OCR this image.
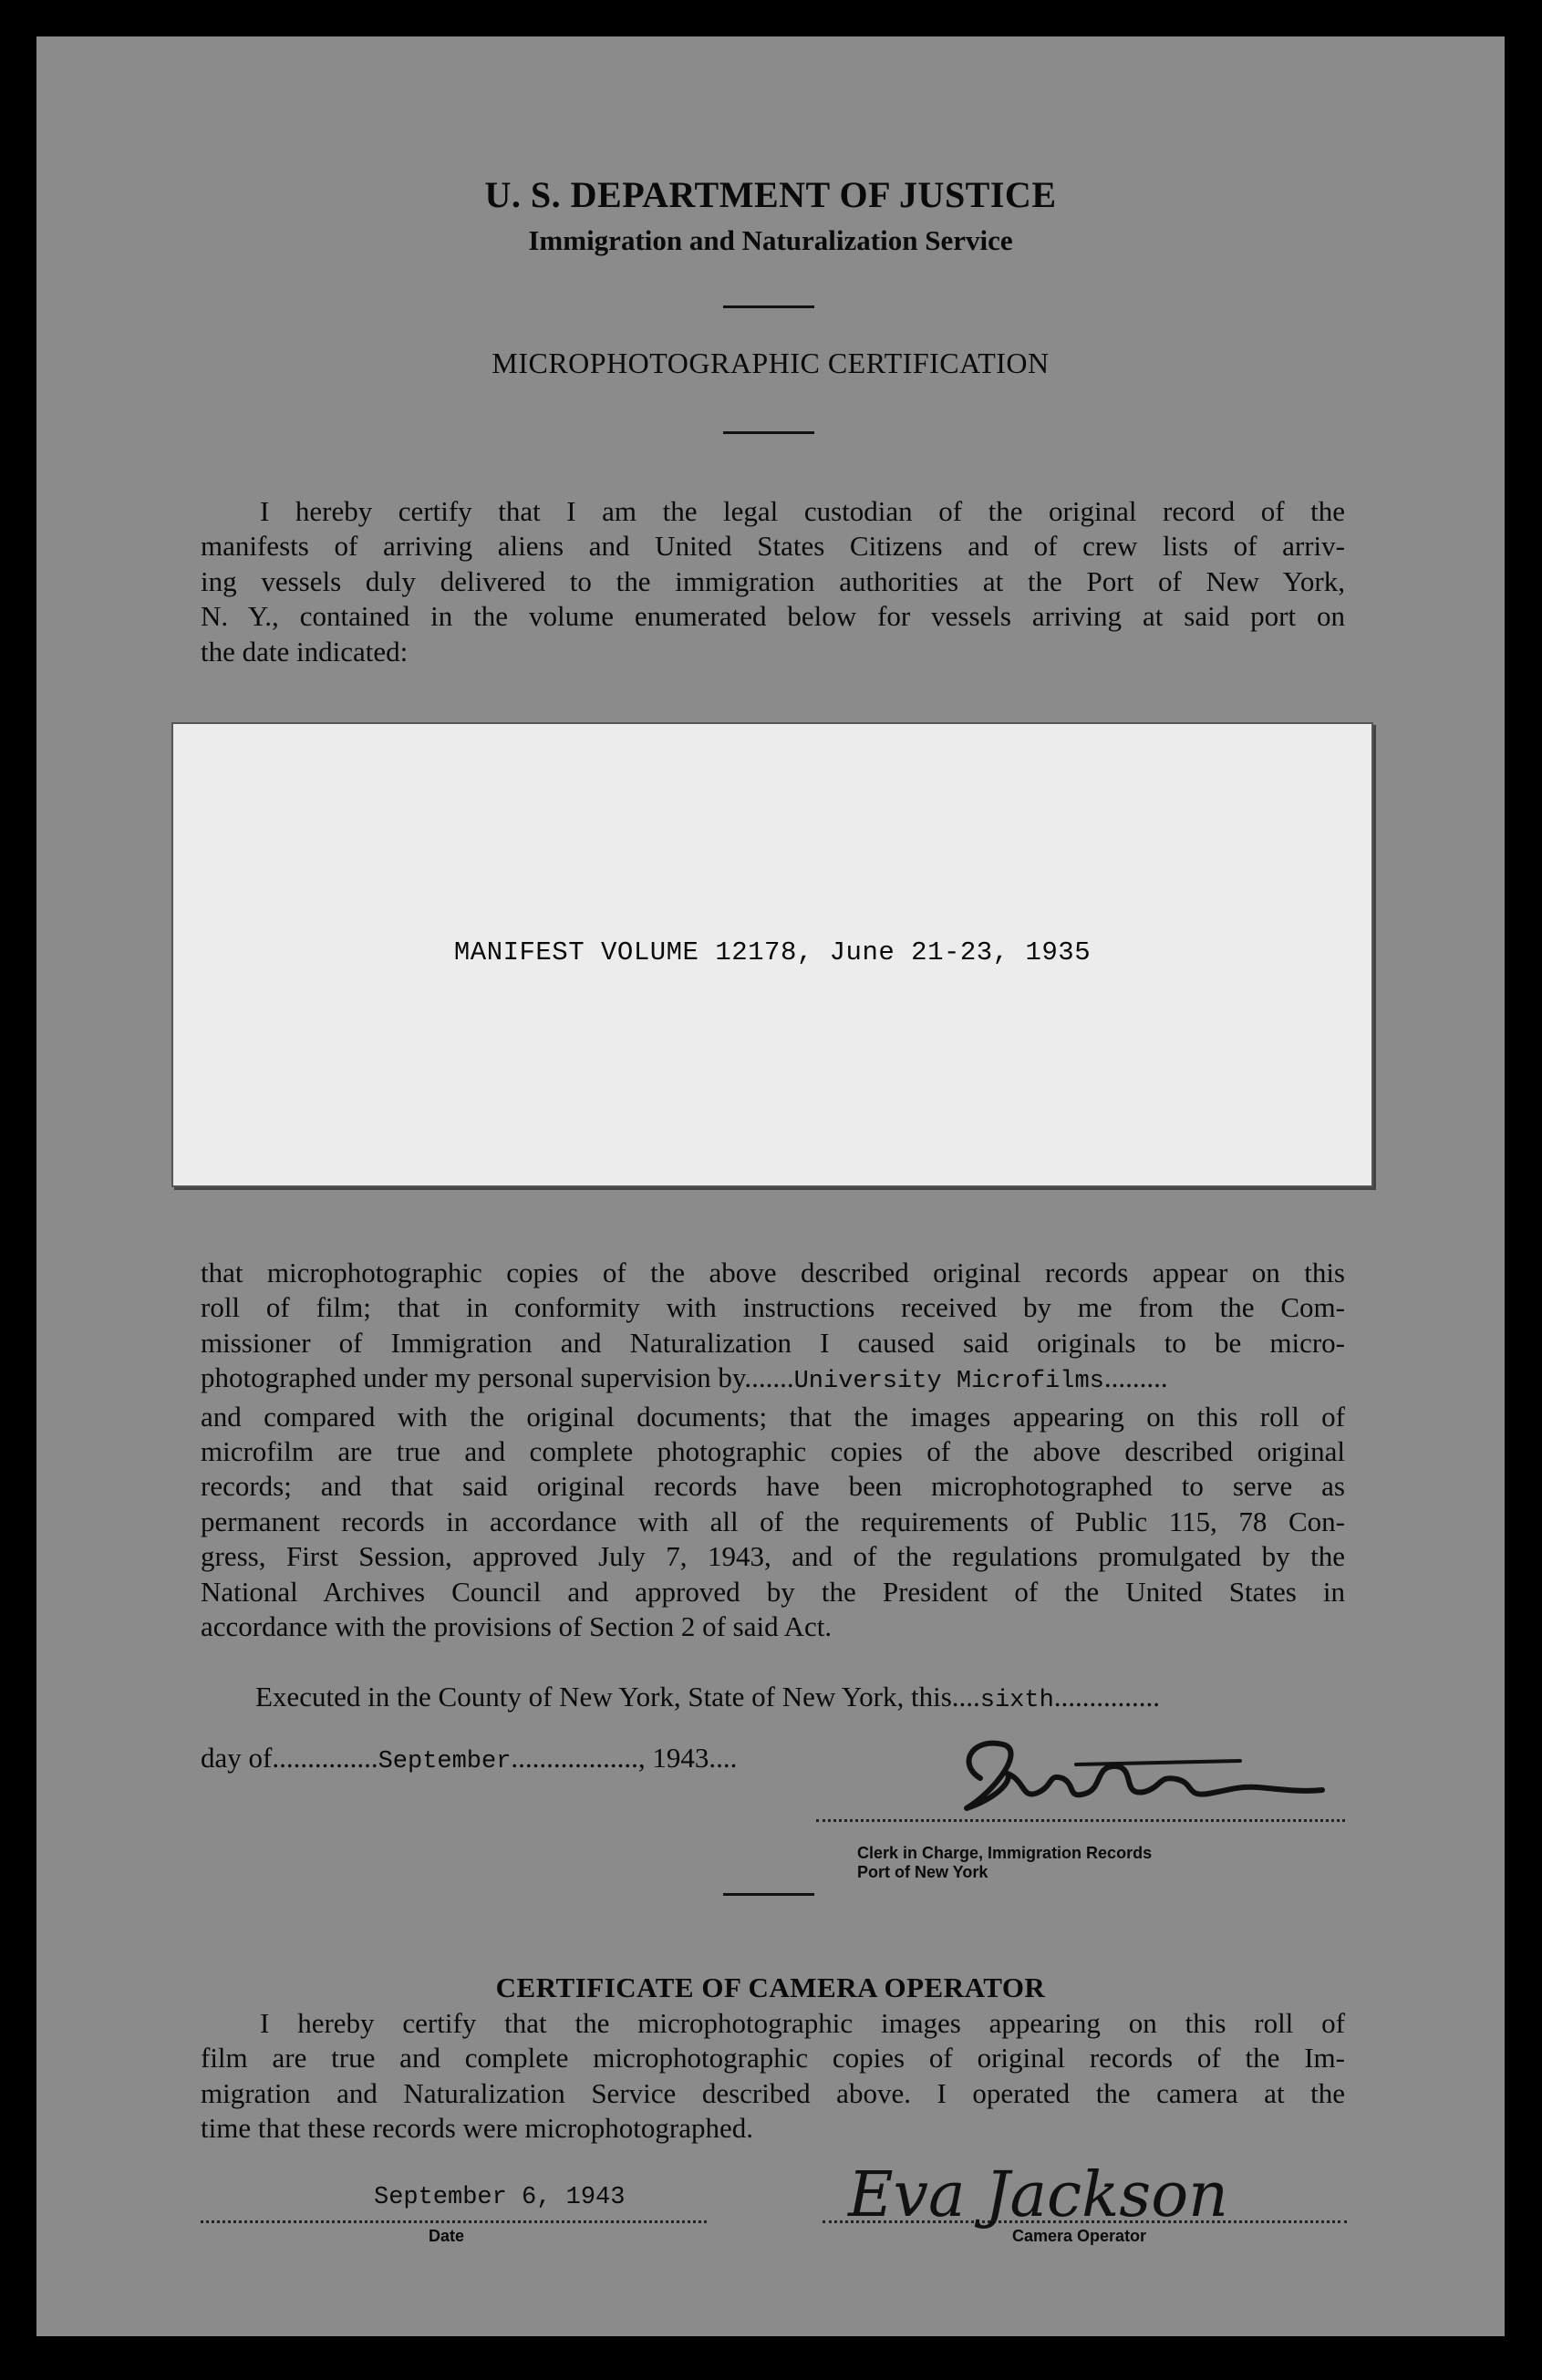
U. S. DEPARTMENT OF JUSTICE
Immigration and Naturalization Service
MICROPHOTOGRAPHIC CERTIFICATION
I hereby certify that I am the legal custodian of the original record of the
manifests of arriving aliens and United States Citizens and of crew lists of arriv-
ing vessels duly delivered to the immigration authorities at the Port of New York,
N. Y., contained in the volume enumerated below for vessels arriving at said port on
the date indicated:
MANIFEST VOLUME 12178, June 21-23, 1935
that microphotographic copies of the above described original records appear on this
roll of film; that in conformity with instructions received by me from the Com-
missioner of Immigration and Naturalization I caused said originals to be micro-
photographed under my personal supervision by.......University Microfilms.........
and compared with the original documents; that the images appearing on this roll of
microfilm are true and complete photographic copies of the above described original
records; and that said original records have been microphotographed to serve as
permanent records in accordance with all of the requirements of Public 115, 78 Con-
gress, First Session, approved July 7, 1943, and of the regulations promulgated by the
National Archives Council and approved by the President of the United States in
accordance with the provisions of Section 2 of said Act.
Executed in the County of New York, State of New York, this....sixth...............
day of...............September.................., 1943....
Clerk in Charge, Immigration Records
Port of New York
CERTIFICATE OF CAMERA OPERATOR
I hereby certify that the microphotographic images appearing on this roll of
film are true and complete microphotographic copies of original records of the Im-
migration and Naturalization Service described above. I operated the camera at the
time that these records were microphotographed.
September 6, 1943
Date
Eva Jackson
Camera Operator
